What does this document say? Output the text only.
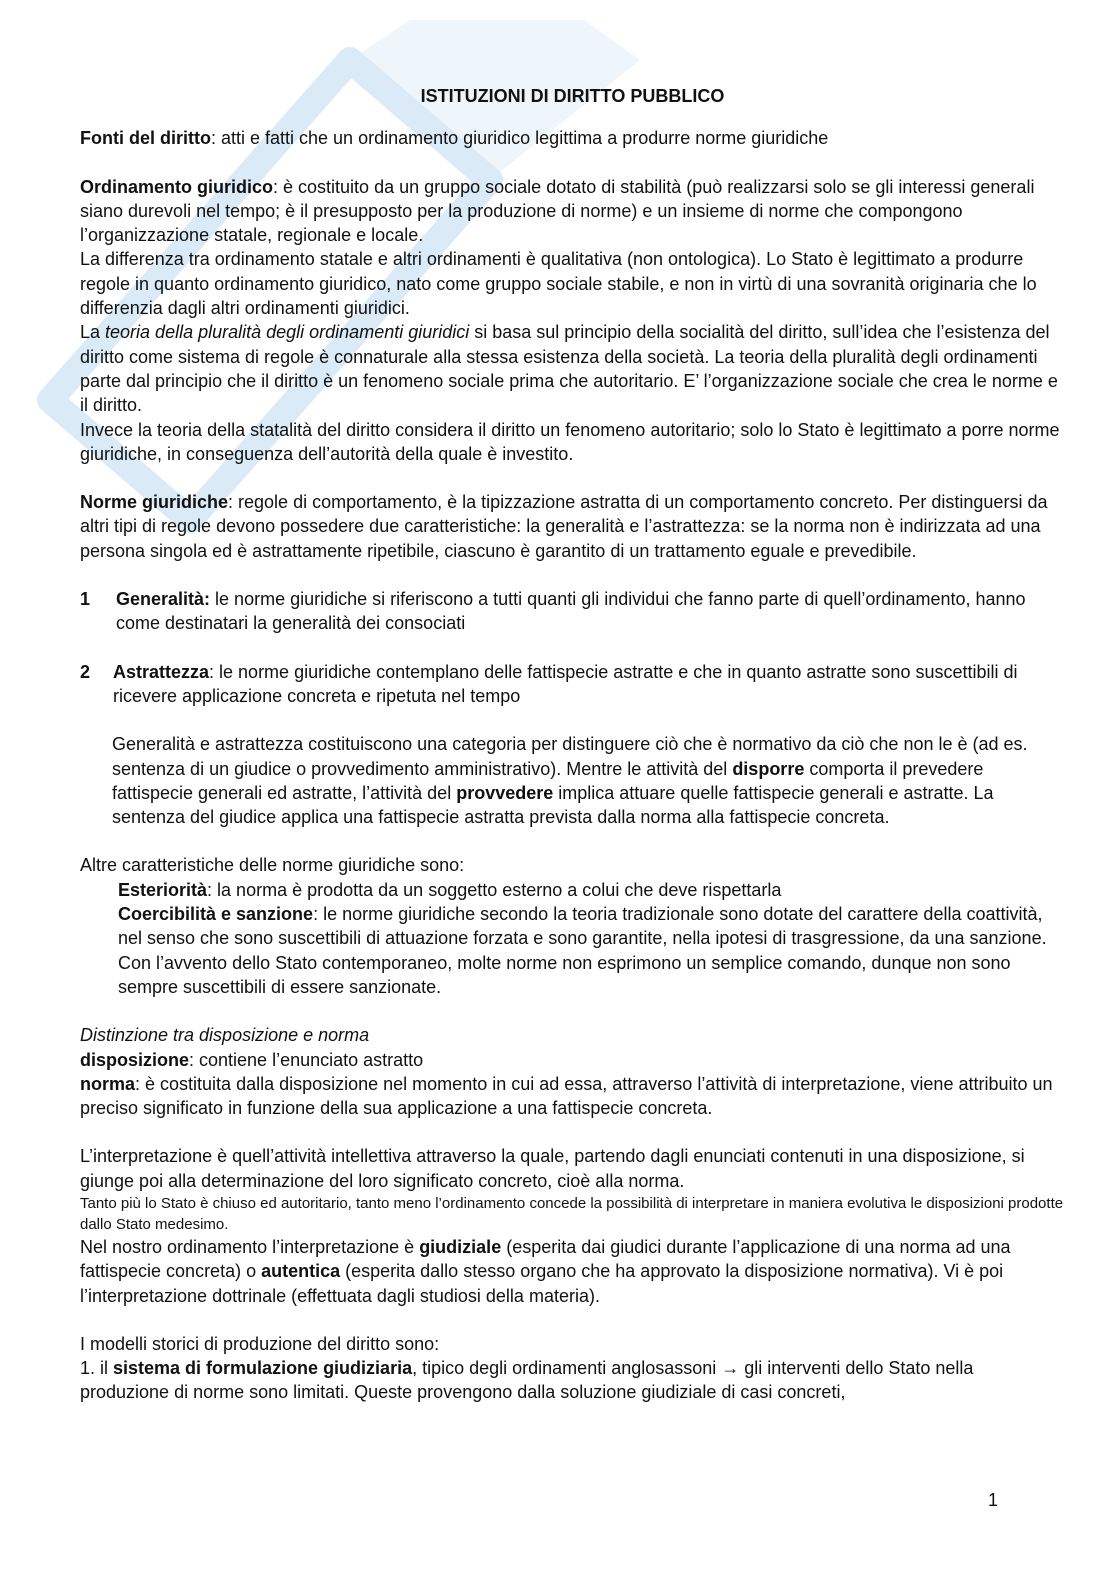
ISTITUZIONI DI DIRITTO PUBBLICO

Fonti del diritto: atti e fatti che un ordinamento giuridico legittima a produrre norme giuridiche

Ordinamento giuridico: è costituito da un gruppo sociale dotato di stabilità (può realizzarsi solo se gli interessi generali siano durevoli nel tempo; è il presupposto per la produzione di norme) e un insieme di norme che compongono l’organizzazione statale, regionale e locale.

La differenza tra ordinamento statale e altri ordinamenti è qualitativa (non ontologica). Lo Stato è legittimato a produrre regole in quanto ordinamento giuridico, nato come gruppo sociale stabile, e non in virtù di una sovranità originaria che lo differenzia dagli altri ordinamenti giuridici.

La teoria della pluralità degli ordinamenti giuridici si basa sul principio della socialità del diritto, sull’idea che l’esistenza del diritto come sistema di regole è connaturale alla stessa esistenza della società. La teoria della pluralità degli ordinamenti parte dal principio che il diritto è un fenomeno sociale prima che autoritario. E’ l’organizzazione sociale che crea le norme e il diritto.

Invece la teoria della statalità del diritto considera il diritto un fenomeno autoritario; solo lo Stato è legittimato a porre norme giuridiche, in conseguenza dell’autorità della quale è investito.

Norme giuridiche: regole di comportamento, è la tipizzazione astratta di un comportamento concreto. Per distinguersi da altri tipi di regole devono possedere due caratteristiche: la generalità e l’astrattezza: se la norma non è indirizzata ad una persona singola ed è astrattamente ripetibile, ciascuno è garantito di un trattamento eguale e prevedibile.

1	Generalità: le norme giuridiche si riferiscono a tutti quanti gli individui che fanno parte di quell’ordinamento, hanno come destinatari la generalità dei consociati

2	Astrattezza: le norme giuridiche contemplano delle fattispecie astratte e che in quanto astratte sono suscettibili di ricevere applicazione concreta e ripetuta nel tempo

Generalità e astrattezza costituiscono una categoria per distinguere ciò che è normativo da ciò che non le è (ad es. sentenza di un giudice o provvedimento amministrativo). Mentre le attività del disporre comporta il prevedere fattispecie generali ed astratte, l’attività del provvedere implica attuare quelle fattispecie generali e astratte. La sentenza del giudice applica una fattispecie astratta prevista dalla norma alla fattispecie concreta.

Altre caratteristiche delle norme giuridiche sono:

Esteriorità: la norma è prodotta da un soggetto esterno a colui che deve rispettarla

Coercibilità e sanzione: le norme giuridiche secondo la teoria tradizionale sono dotate del carattere della coattività, nel senso che sono suscettibili di attuazione forzata e sono garantite, nella ipotesi di trasgressione, da una sanzione. Con l’avvento dello Stato contemporaneo, molte norme non esprimono un semplice comando, dunque non sono sempre suscettibili di essere sanzionate.

Distinzione tra disposizione e norma

disposizione: contiene l’enunciato astratto

norma: è costituita dalla disposizione nel momento in cui ad essa, attraverso l’attività di interpretazione, viene attribuito un preciso significato in funzione della sua applicazione a una fattispecie concreta.

L’interpretazione è quell’attività intellettiva attraverso la quale, partendo dagli enunciati contenuti in una disposizione, si giunge poi alla determinazione del loro significato concreto, cioè alla norma.

Tanto più lo Stato è chiuso ed autoritario, tanto meno l’ordinamento concede la possibilità di interpretare in maniera evolutiva le disposizioni prodotte dallo Stato medesimo.

Nel nostro ordinamento l’interpretazione è giudiziale (esperita dai giudici durante l’applicazione di una norma ad una fattispecie concreta) o autentica (esperita dallo stesso organo che ha approvato la disposizione normativa). Vi è poi l’interpretazione dottrinale (effettuata dagli studiosi della materia).

I modelli storici di produzione del diritto sono:

1. il sistema di formulazione giudiziaria, tipico degli ordinamenti anglosassoni → gli interventi dello Stato nella produzione di norme sono limitati. Queste provengono dalla soluzione giudiziale di casi concreti,

1
